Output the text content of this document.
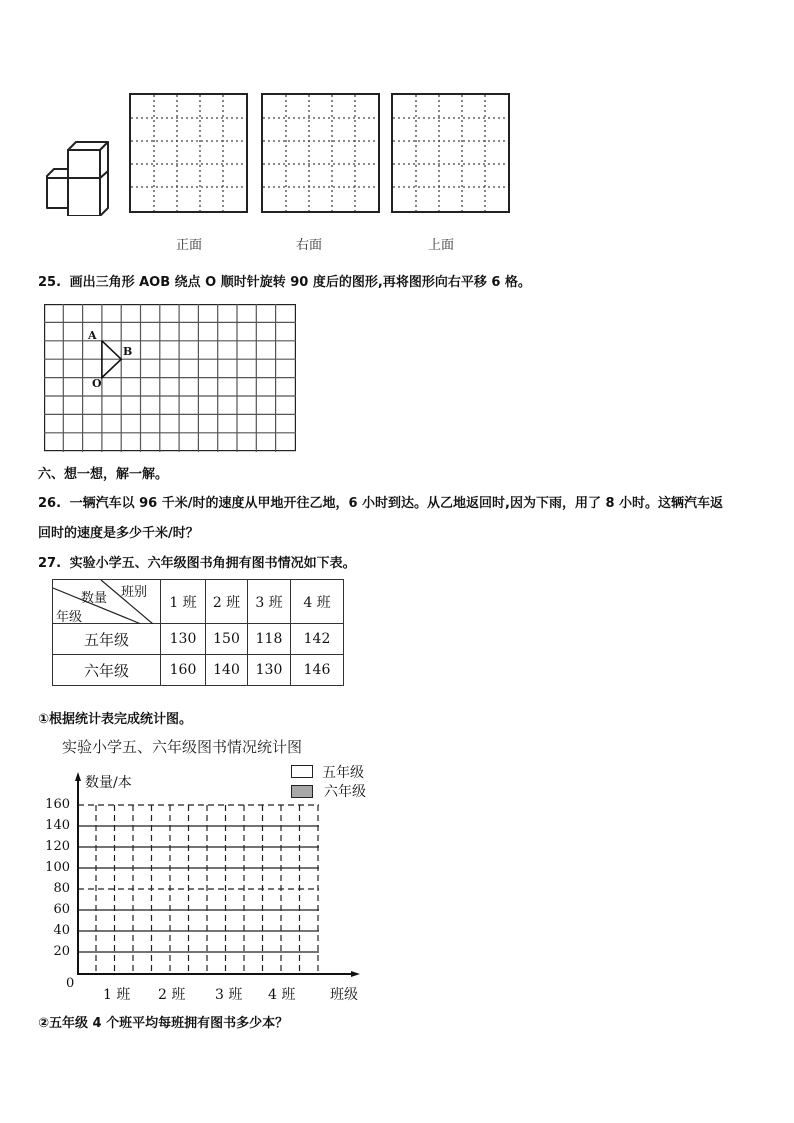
正面	右面	上面
25. 画出三角形 AOB 绕点 O 顺时针旋转 90 度后的图形,再将图形向右平移 6 格。
A
B
O
六、想一想，解一解。
26. 一辆汽车以 96 千米/时的速度从甲地开往乙地，6 小时到达。从乙地返回时,因为下雨，用了 8 小时。这辆汽车返
回时的速度是多少千米/时？
27. 实验小学五、六年级图书角拥有图书情况如下表。
班别
数量
年级	1 班	2 班	3 班	4 班
五年级	130	150	118	142
六年级	160	140	130	146
①根据统计表完成统计图。
实验小学五、六年级图书情况统计图
五年级
六年级
数量/本
160
140
120
100
80
60
40
20
0
1 班 2 班 3 班 4 班 班级
②五年级 4 个班平均每班拥有图书多少本？
